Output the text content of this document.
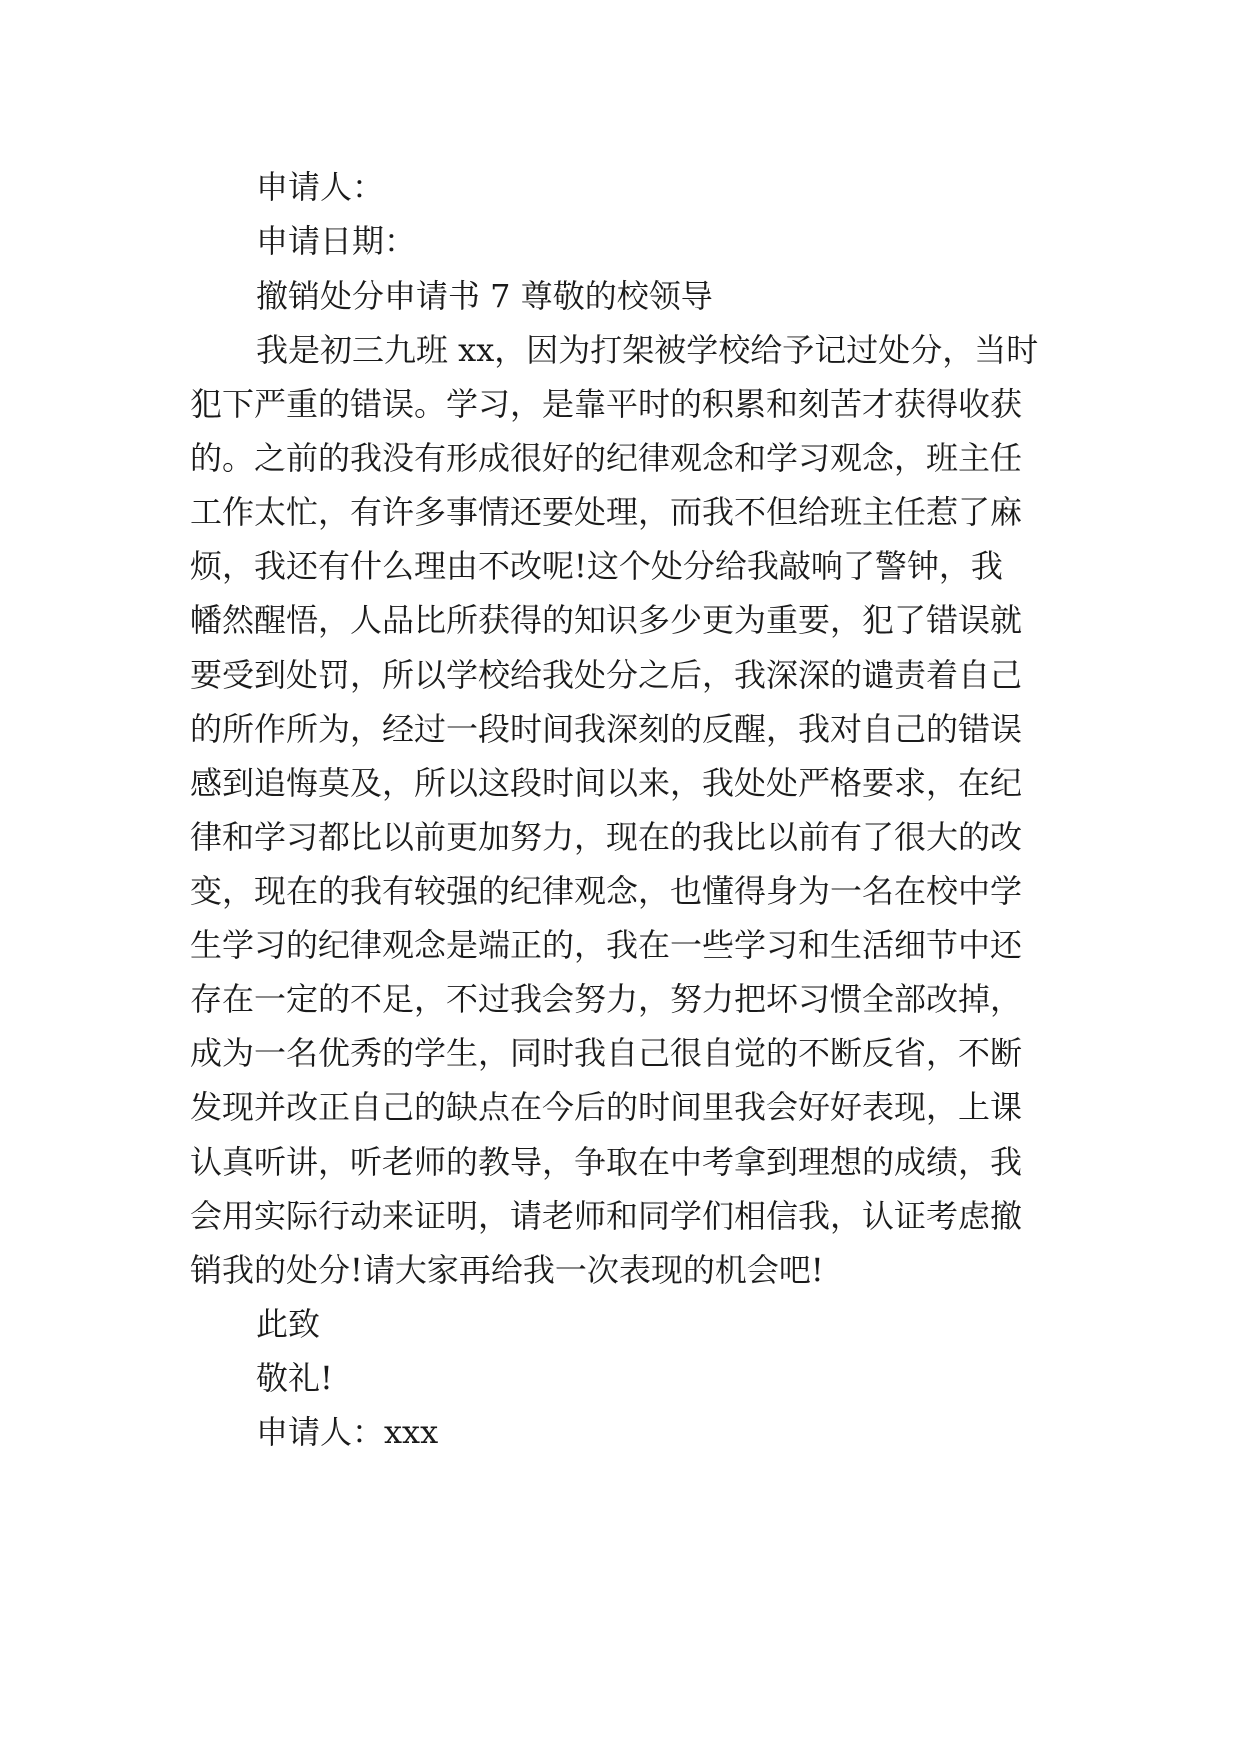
申请人：
申请日期：
撤销处分申请书 7 尊敬的校领导
我是初三九班 xx，因为打架被学校给予记过处分，当时
犯下严重的错误。学习，是靠平时的积累和刻苦才获得收获
的。之前的我没有形成很好的纪律观念和学习观念，班主任
工作太忙，有许多事情还要处理，而我不但给班主任惹了麻
烦，我还有什么理由不改呢!这个处分给我敲响了警钟，我
幡然醒悟，人品比所获得的知识多少更为重要，犯了错误就
要受到处罚，所以学校给我处分之后，我深深的谴责着自己
的所作所为，经过一段时间我深刻的反醒，我对自己的错误
感到追悔莫及，所以这段时间以来，我处处严格要求，在纪
律和学习都比以前更加努力，现在的我比以前有了很大的改
变，现在的我有较强的纪律观念，也懂得身为一名在校中学
生学习的纪律观念是端正的，我在一些学习和生活细节中还
存在一定的不足，不过我会努力，努力把坏习惯全部改掉，
成为一名优秀的学生，同时我自己很自觉的不断反省，不断
发现并改正自己的缺点在今后的时间里我会好好表现，上课
认真听讲，听老师的教导，争取在中考拿到理想的成绩，我
会用实际行动来证明，请老师和同学们相信我，认证考虑撤
销我的处分!请大家再给我一次表现的机会吧!
此致
敬礼!
申请人：xxx
